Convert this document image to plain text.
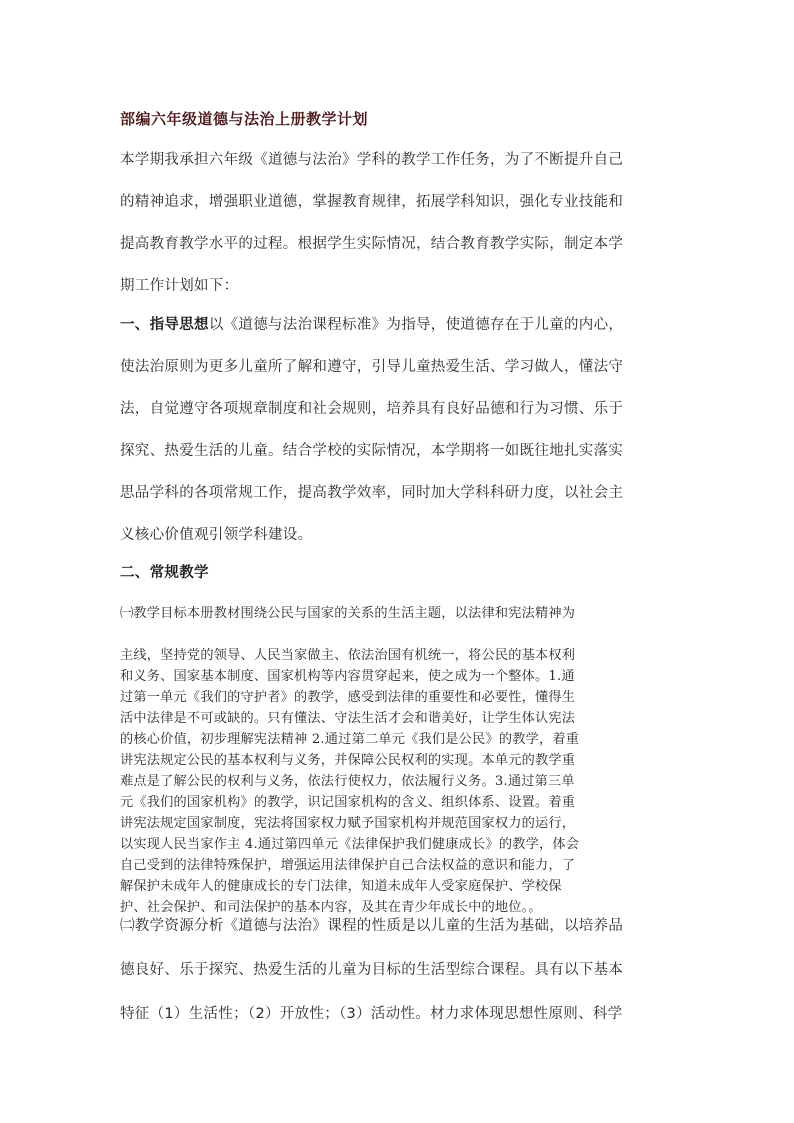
部编六年级道德与法治上册教学计划
本学期我承担六年级《道德与法治》学科的教学工作任务，为了不断提升自己
的精神追求，增强职业道德，掌握教育规律，拓展学科知识，强化专业技能和
提高教育教学水平的过程。根据学生实际情况，结合教育教学实际，制定本学
期工作计划如下：
一、指导思想以《道德与法治课程标准》为指导，使道德存在于儿童的内心，
使法治原则为更多儿童所了解和遵守，引导儿童热爱生活、学习做人，懂法守
法，自觉遵守各项规章制度和社会规则，培养具有良好品德和行为习惯、乐于
探究、热爱生活的儿童。结合学校的实际情况，本学期将一如既往地扎实落实
思品学科的各项常规工作，提高教学效率，同时加大学科科研力度，以社会主
义核心价值观引领学科建设。
二、常规教学
㈠教学目标本册教材围绕公民与国家的关系的生活主题，以法律和宪法精神为
主线，坚持党的领导、人民当家做主、依法治国有机统一，将公民的基本权利
和义务、国家基本制度、国家机构等内容贯穿起来，使之成为一个整体。1.通
过第一单元《我们的守护者》的教学，感受到法律的重要性和必要性，懂得生
活中法律是不可或缺的。只有懂法、守法生活才会和谐美好，让学生体认宪法
的核心价值，初步理解宪法精神 2.通过第二单元《我们是公民》的教学，着重
讲宪法规定公民的基本权利与义务，并保障公民权利的实现。本单元的教学重
难点是了解公民的权利与义务，依法行使权力，依法履行义务。3.通过第三单
元《我们的国家机构》的教学，识记国家机构的含义、组织体系、设置。着重
讲宪法规定国家制度，宪法将国家权力赋予国家机构并规范国家权力的运行，
以实现人民当家作主 4.通过第四单元《法律保护我们健康成长》的教学，体会
自己受到的法律特殊保护，增强运用法律保护自己合法权益的意识和能力，了
解保护未成年人的健康成长的专门法律，知道未成年人受家庭保护、学校保
护、社会保护、和司法保护的基本内容，及其在青少年成长中的地位。。
㈡教学资源分析《道德与法治》课程的性质是以儿童的生活为基础，以培养品
德良好、乐于探究、热爱生活的儿童为目标的生活型综合课程。具有以下基本
特征（1）生活性；（2）开放性；（3）活动性。材力求体现思想性原则、科学
